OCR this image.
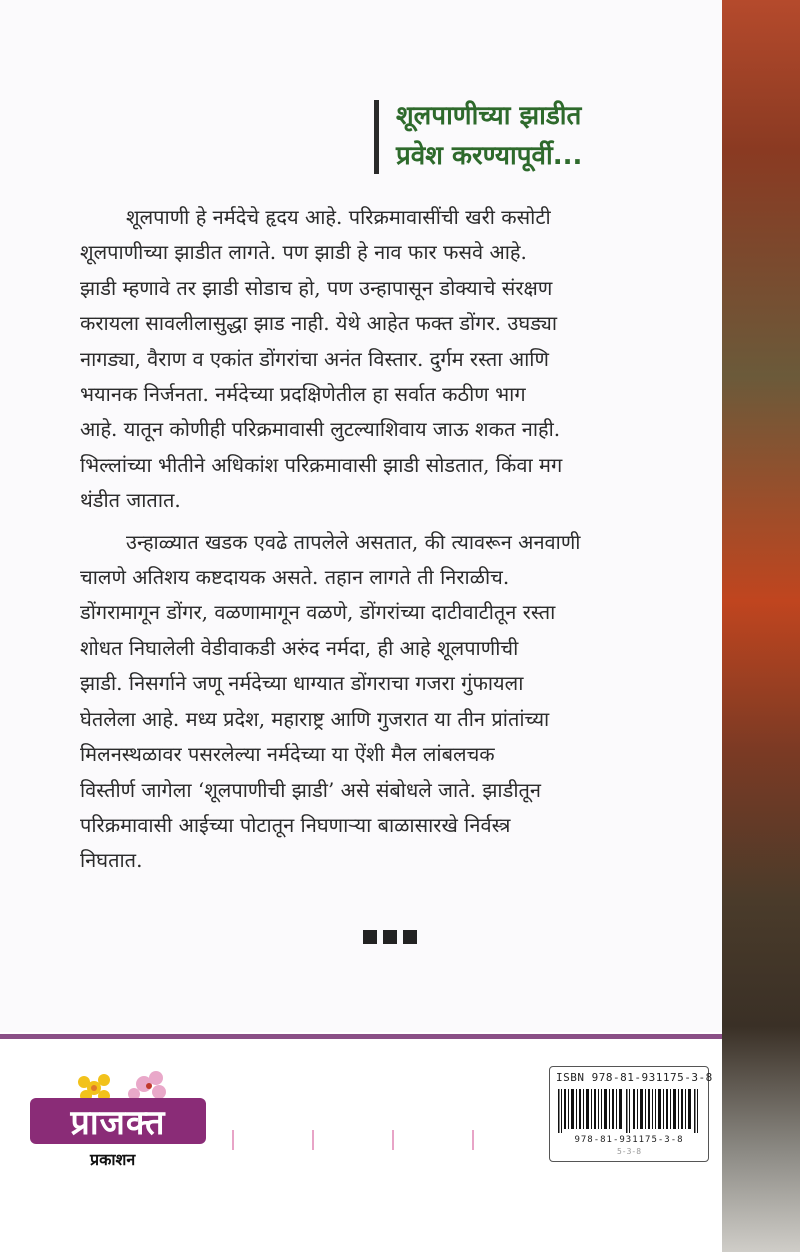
शूलपाणीच्या झाडीत
प्रवेश करण्यापूर्वी...
शूलपाणी हे नर्मदेचे हृदय आहे. परिक्रमावासींची खरी कसोटी
शूलपाणीच्या झाडीत लागते. पण झाडी हे नाव फार फसवे आहे.
झाडी म्हणावे तर झाडी सोडाच हो, पण उन्हापासून डोक्याचे संरक्षण
करायला सावलीलासुद्धा झाड नाही. येथे आहेत फक्त डोंगर. उघड्या
नागड्या, वैराण व एकांत डोंगरांचा अनंत विस्तार. दुर्गम रस्ता आणि
भयानक निर्जनता. नर्मदेच्या प्रदक्षिणेतील हा सर्वात कठीण भाग
आहे. यातून कोणीही परिक्रमावासी लुटल्याशिवाय जाऊ शकत नाही.
भिल्लांच्या भीतीने अधिकांश परिक्रमावासी झाडी सोडतात, किंवा मग
थंडीत जातात.
उन्हाळ्यात खडक एवढे तापलेले असतात, की त्यावरून अनवाणी
चालणे अतिशय कष्टदायक असते. तहान लागते ती निराळीच.
डोंगरामागून डोंगर, वळणामागून वळणे, डोंगरांच्या दाटीवाटीतून रस्ता
शोधत निघालेली वेडीवाकडी अरुंद नर्मदा, ही आहे शूलपाणीची
झाडी. निसर्गाने जणू नर्मदेच्या धाग्यात डोंगराचा गजरा गुंफायला
घेतलेला आहे. मध्य प्रदेश, महाराष्ट्र आणि गुजरात या तीन प्रांतांच्या
मिलनस्थळावर पसरलेल्या नर्मदेच्या या ऐंशी मैल लांबलचक
विस्तीर्ण जागेला ‘शूलपाणीची झाडी’ असे संबोधले जाते. झाडीतून
परिक्रमावासी आईच्या पोटातून निघणाऱ्या बाळासारखे निर्वस्त्र
निघतात.
प्राजक्त
प्रकाशन
ISBN 978-81-931175-3-8
978-81-931175-3-8
5-3-8
